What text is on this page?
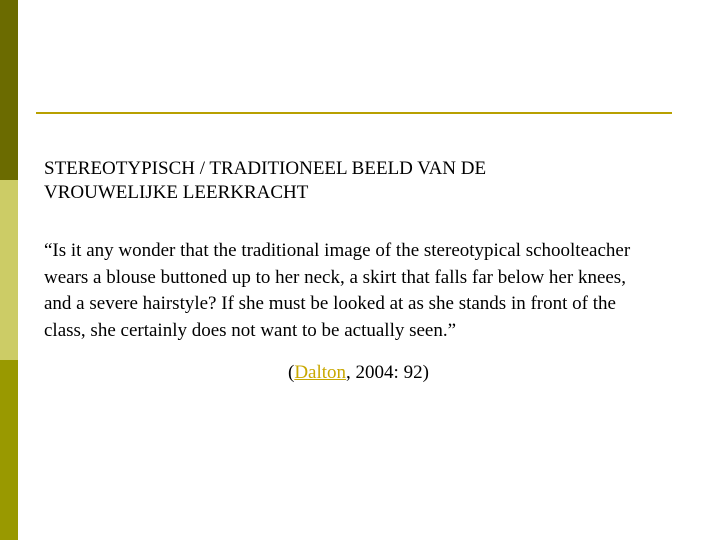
STEREOTYPISCH / TRADITIONEEL BEELD VAN DE
VROUWELIJKE LEERKRACHT

“Is it any wonder that the traditional image of the stereotypical schoolteacher
wears a blouse buttoned up to her neck, a skirt that falls far below her knees,
and a severe hairstyle? If she must be looked at as she stands in front of the
class, she certainly does not want to be actually seen.”

(Dalton, 2004: 92)
